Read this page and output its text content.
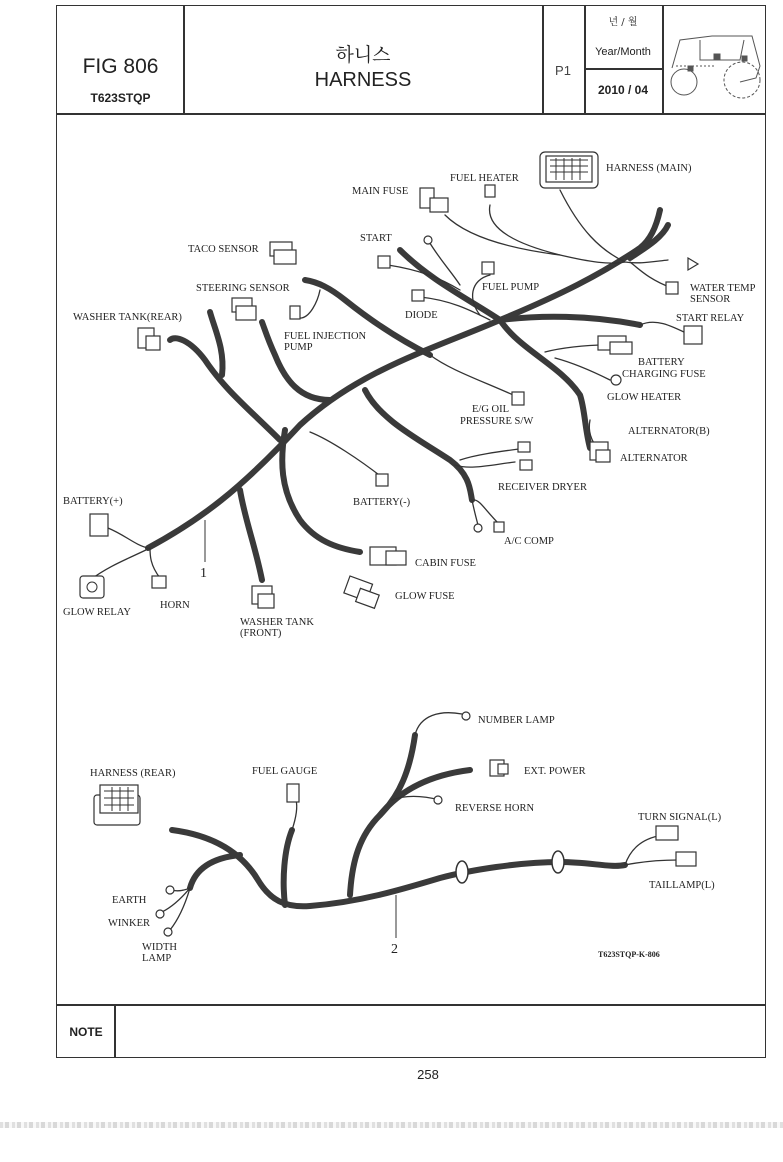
FIG 806
T623STQP
하니스
HARNESS	P1
년 / 월
Year/Month
2010 / 04
NOTE
258
HARNESS (MAIN)
FUEL HEATER
MAIN FUSE
START
TACO SENSOR
FUEL PUMP	WATER TEMP
SENSOR
STEERING SENSOR
START RELAY
WASHER TANK(REAR)	DIODE
FUEL INJECTION
PUMP
BATTERY
CHARGING FUSE
GLOW HEATER
E/G OIL
PRESSURE S/W
ALTERNATOR(B)
ALTERNATOR
RECEIVER DRYER
BATTERY(+)	BATTERY(-)
A/C COMP
CABIN FUSE
GLOW FUSE
GLOW RELAY
HORN
WASHER TANK
(FRONT)
1
NUMBER LAMP
HARNESS (REAR)	FUEL GAUGE	EXT. POWER
REVERSE HORN
TURN SIGNAL(L)
TAILLAMP(L)
EARTH
WINKER
WIDTH
LAMP
2	T623STQP-K-806
